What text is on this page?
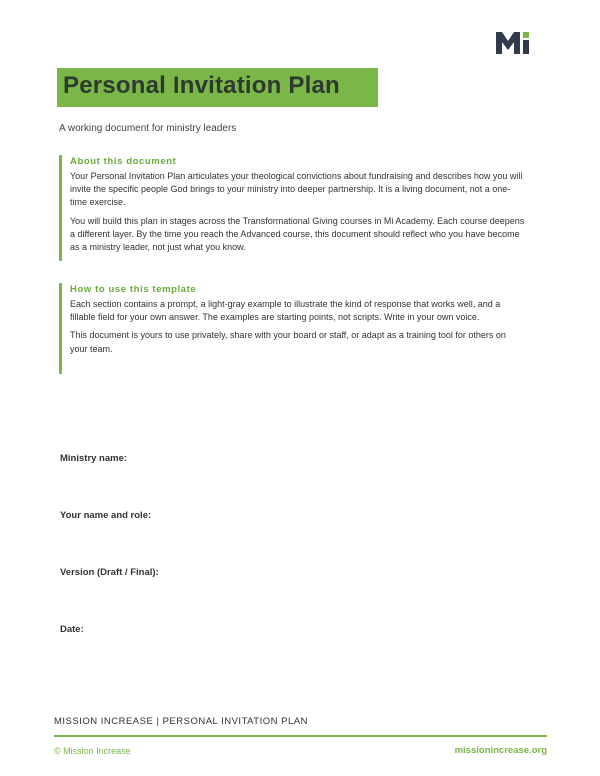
Personal Invitation Plan
A working document for ministry leaders
About this document

Your Personal Invitation Plan articulates your theological convictions about fundraising and describes how you will invite the specific people God brings to your ministry into deeper partnership. It is a living document, not a one-time exercise.

You will build this plan in stages across the Transformational Giving courses in Mi Academy. Each course deepens a different layer. By the time you reach the Advanced course, this document should reflect who you have become as a ministry leader, not just what you know.

How to use this template

Each section contains a prompt, a light-gray example to illustrate the kind of response that works well, and a fillable field for your own answer. The examples are starting points, not scripts. Write in your own voice.

This document is yours to use privately, share with your board or staff, or adapt as a training tool for others on your team.

Ministry name:
Your name and role:
Version (Draft / Final):
Date:
MISSION INCREASE | PERSONAL INVITATION PLAN
© Mission Increase	missionincrease.org
